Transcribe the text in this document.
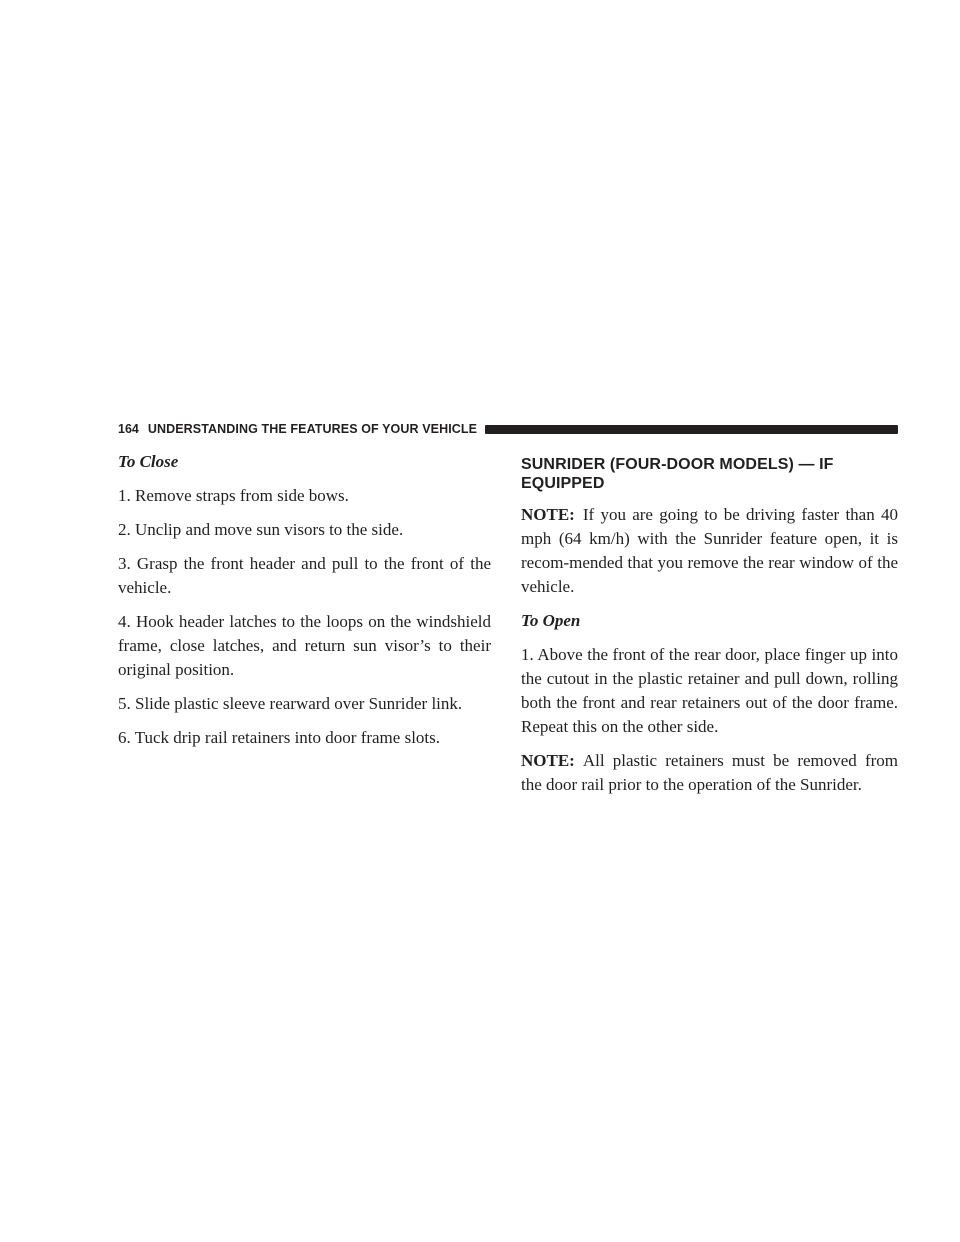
164 UNDERSTANDING THE FEATURES OF YOUR VEHICLE

To Close

1. Remove straps from side bows.

2. Unclip and move sun visors to the side.

3. Grasp the front header and pull to the front of the vehicle.

4. Hook header latches to the loops on the windshield frame, close latches, and return sun visor’s to their original position.

5. Slide plastic sleeve rearward over Sunrider link.

6. Tuck drip rail retainers into door frame slots.

SUNRIDER (FOUR-DOOR MODELS) — IF EQUIPPED

NOTE: If you are going to be driving faster than 40 mph (64 km/h) with the Sunrider feature open, it is recom-mended that you remove the rear window of the vehicle.

To Open

1. Above the front of the rear door, place finger up into the cutout in the plastic retainer and pull down, rolling both the front and rear retainers out of the door frame. Repeat this on the other side.

NOTE: All plastic retainers must be removed from the door rail prior to the operation of the Sunrider.
